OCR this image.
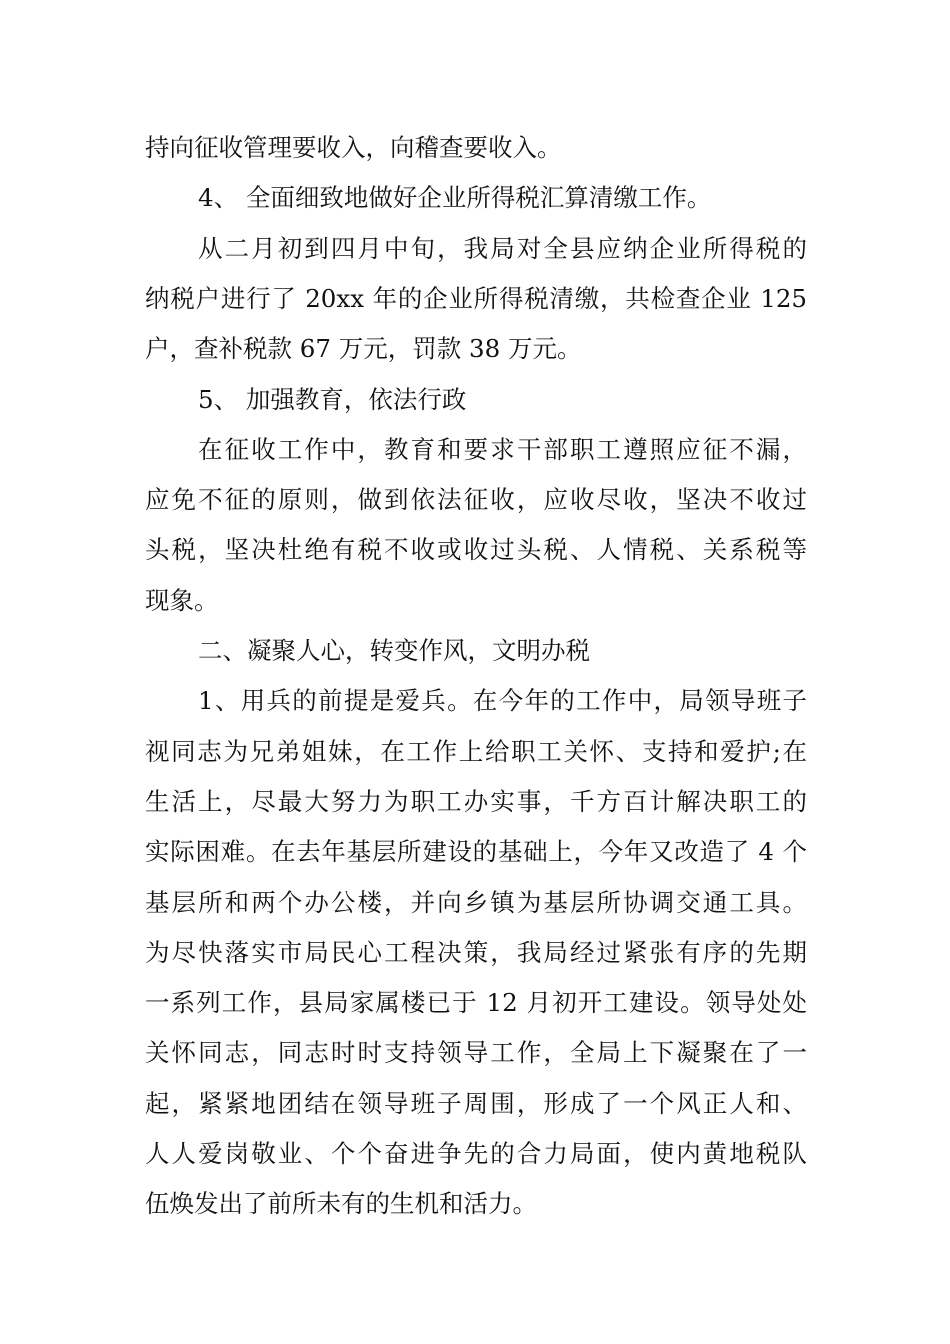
持向征收管理要收入，向稽查要收入。
4、 全面细致地做好企业所得税汇算清缴工作。
从二月初到四月中旬，我局对全县应纳企业所得税的
纳税户进行了 20xx 年的企业所得税清缴，共检查企业 125
户，查补税款 67 万元，罚款 38 万元。
5、 加强教育，依法行政
在征收工作中，教育和要求干部职工遵照应征不漏，
应免不征的原则，做到依法征收，应收尽收，坚决不收过
头税，坚决杜绝有税不收或收过头税、人情税、关系税等
现象。
二、凝聚人心，转变作风，文明办税
1、用兵的前提是爱兵。在今年的工作中，局领导班子
视同志为兄弟姐妹，在工作上给职工关怀、支持和爱护;在
生活上，尽最大努力为职工办实事，千方百计解决职工的
实际困难。在去年基层所建设的基础上，今年又改造了 4 个
基层所和两个办公楼，并向乡镇为基层所协调交通工具。
为尽快落实市局民心工程决策，我局经过紧张有序的先期
一系列工作，县局家属楼已于 12 月初开工建设。领导处处
关怀同志，同志时时支持领导工作，全局上下凝聚在了一
起，紧紧地团结在领导班子周围，形成了一个风正人和、
人人爱岗敬业、个个奋进争先的合力局面，使内黄地税队
伍焕发出了前所未有的生机和活力。
